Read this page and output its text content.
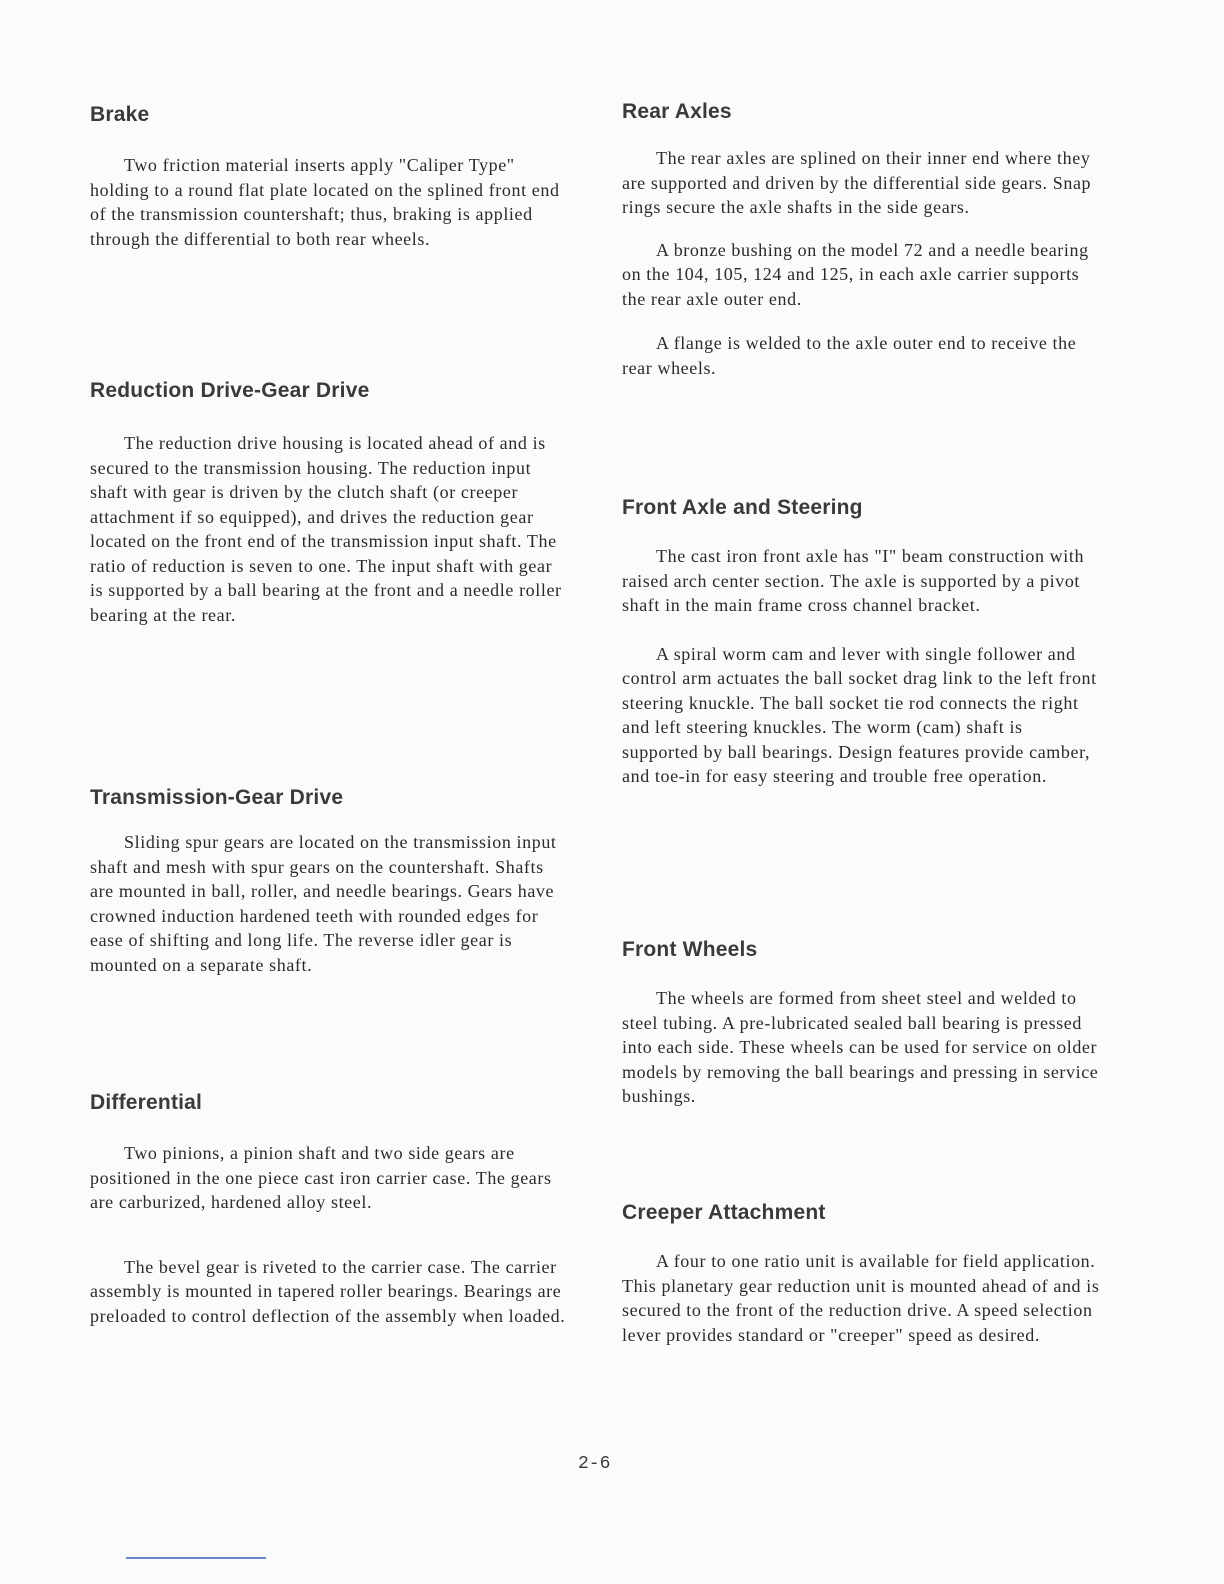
Brake

Two friction material inserts apply "Caliper Type" holding to a round flat plate located on the splined front end of the transmission countershaft; thus, braking is applied through the differential to both rear wheels.

Reduction Drive-Gear Drive

The reduction drive housing is located ahead of and is secured to the transmission housing. The reduction input shaft with gear is driven by the clutch shaft (or creeper attachment if so equipped), and drives the reduction gear located on the front end of the transmission input shaft. The ratio of reduction is seven to one. The input shaft with gear is supported by a ball bearing at the front and a needle roller bearing at the rear.

Transmission-Gear Drive

Sliding spur gears are located on the transmission input shaft and mesh with spur gears on the countershaft. Shafts are mounted in ball, roller, and needle bearings. Gears have crowned induction hardened teeth with rounded edges for ease of shifting and long life. The reverse idler gear is mounted on a separate shaft.

Differential

Two pinions, a pinion shaft and two side gears are positioned in the one piece cast iron carrier case. The gears are carburized, hardened alloy steel.

The bevel gear is riveted to the carrier case. The carrier assembly is mounted in tapered roller bearings. Bearings are preloaded to control deflection of the assembly when loaded.

Rear Axles

The rear axles are splined on their inner end where they are supported and driven by the differential side gears. Snap rings secure the axle shafts in the side gears.

A bronze bushing on the model 72 and a needle bearing on the 104, 105, 124 and 125, in each axle carrier supports the rear axle outer end.

A flange is welded to the axle outer end to receive the rear wheels.

Front Axle and Steering

The cast iron front axle has "I" beam construction with raised arch center section. The axle is supported by a pivot shaft in the main frame cross channel bracket.

A spiral worm cam and lever with single follower and control arm actuates the ball socket drag link to the left front steering knuckle. The ball socket tie rod connects the right and left steering knuckles. The worm (cam) shaft is supported by ball bearings. Design features provide camber, and toe-in for easy steering and trouble free operation.

Front Wheels

The wheels are formed from sheet steel and welded to steel tubing. A pre-lubricated sealed ball bearing is pressed into each side. These wheels can be used for service on older models by removing the ball bearings and pressing in service bushings.

Creeper Attachment

A four to one ratio unit is available for field application. This planetary gear reduction unit is mounted ahead of and is secured to the front of the reduction drive. A speed selection lever provides standard or "creeper" speed as desired.

2-6
